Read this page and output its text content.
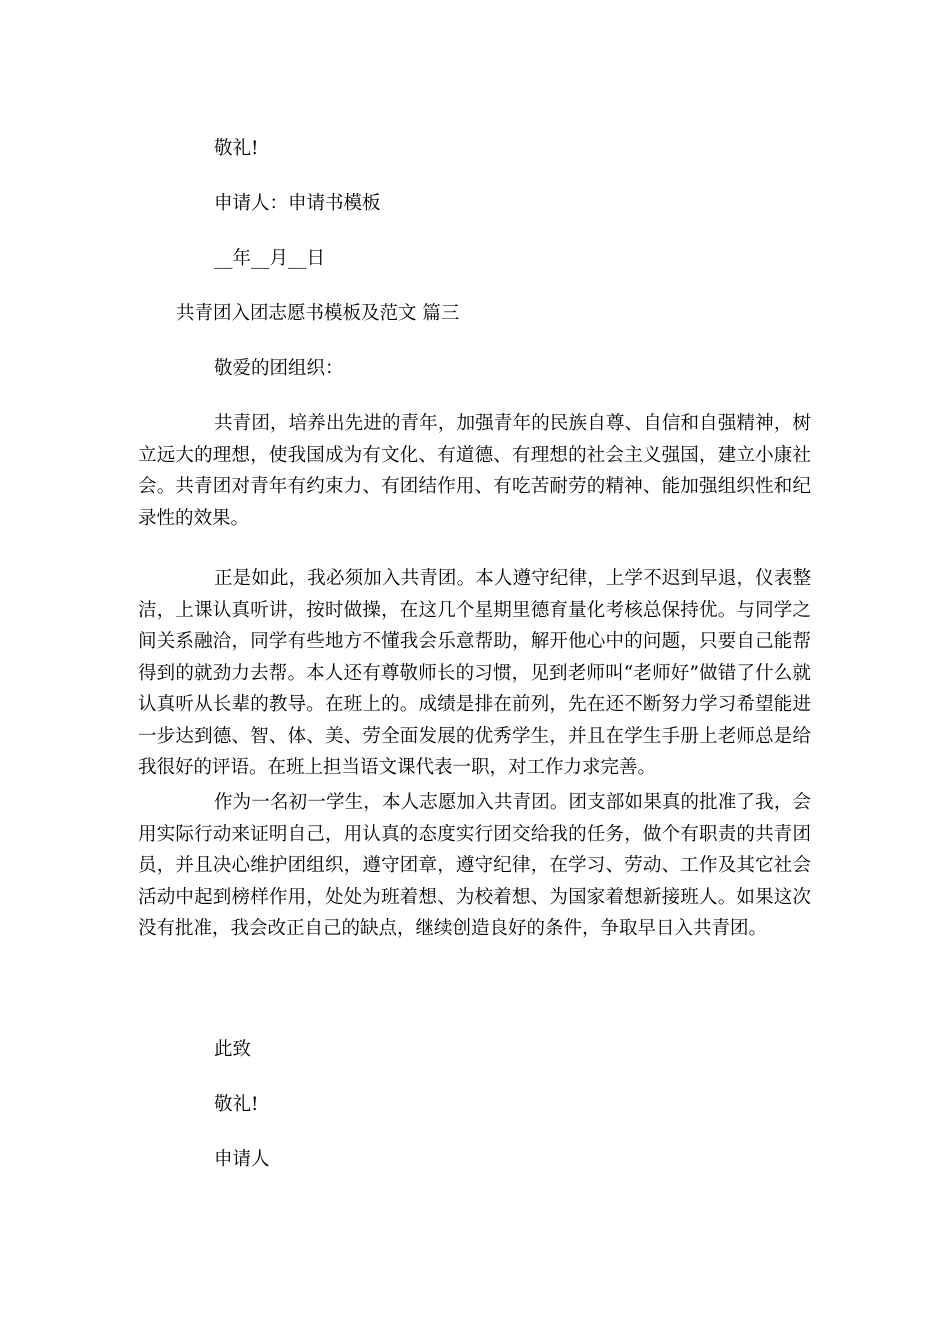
敬礼!

申请人：申请书模板

__年__月__日

共青团入团志愿书模板及范文 篇三

敬爱的团组织：

共青团，培养出先进的青年，加强青年的民族自尊、自信和自强精神，树立远大的理想，使我国成为有文化、有道德、有理想的社会主义强国，建立小康社会。共青团对青年有约束力、有团结作用、有吃苦耐劳的精神、能加强组织性和纪录性的效果。

正是如此，我必须加入共青团。本人遵守纪律，上学不迟到早退，仪表整洁，上课认真听讲，按时做操，在这几个星期里德育量化考核总保持优。与同学之间关系融洽，同学有些地方不懂我会乐意帮助，解开他心中的问题，只要自己能帮得到的就劲力去帮。本人还有尊敬师长的习惯，见到老师叫“老师好”做错了什么就认真听从长辈的教导。在班上的。成绩是排在前列，先在还不断努力学习希望能进一步达到德、智、体、美、劳全面发展的优秀学生，并且在学生手册上老师总是给我很好的评语。在班上担当语文课代表一职，对工作力求完善。

作为一名初一学生，本人志愿加入共青团。团支部如果真的批准了我，会用实际行动来证明自己，用认真的态度实行团交给我的任务，做个有职责的共青团员，并且决心维护团组织，遵守团章，遵守纪律，在学习、劳动、工作及其它社会活动中起到榜样作用，处处为班着想、为校着想、为国家着想新接班人。如果这次没有批准，我会改正自己的缺点，继续创造良好的条件，争取早日入共青团。

此致

敬礼!

申请人
